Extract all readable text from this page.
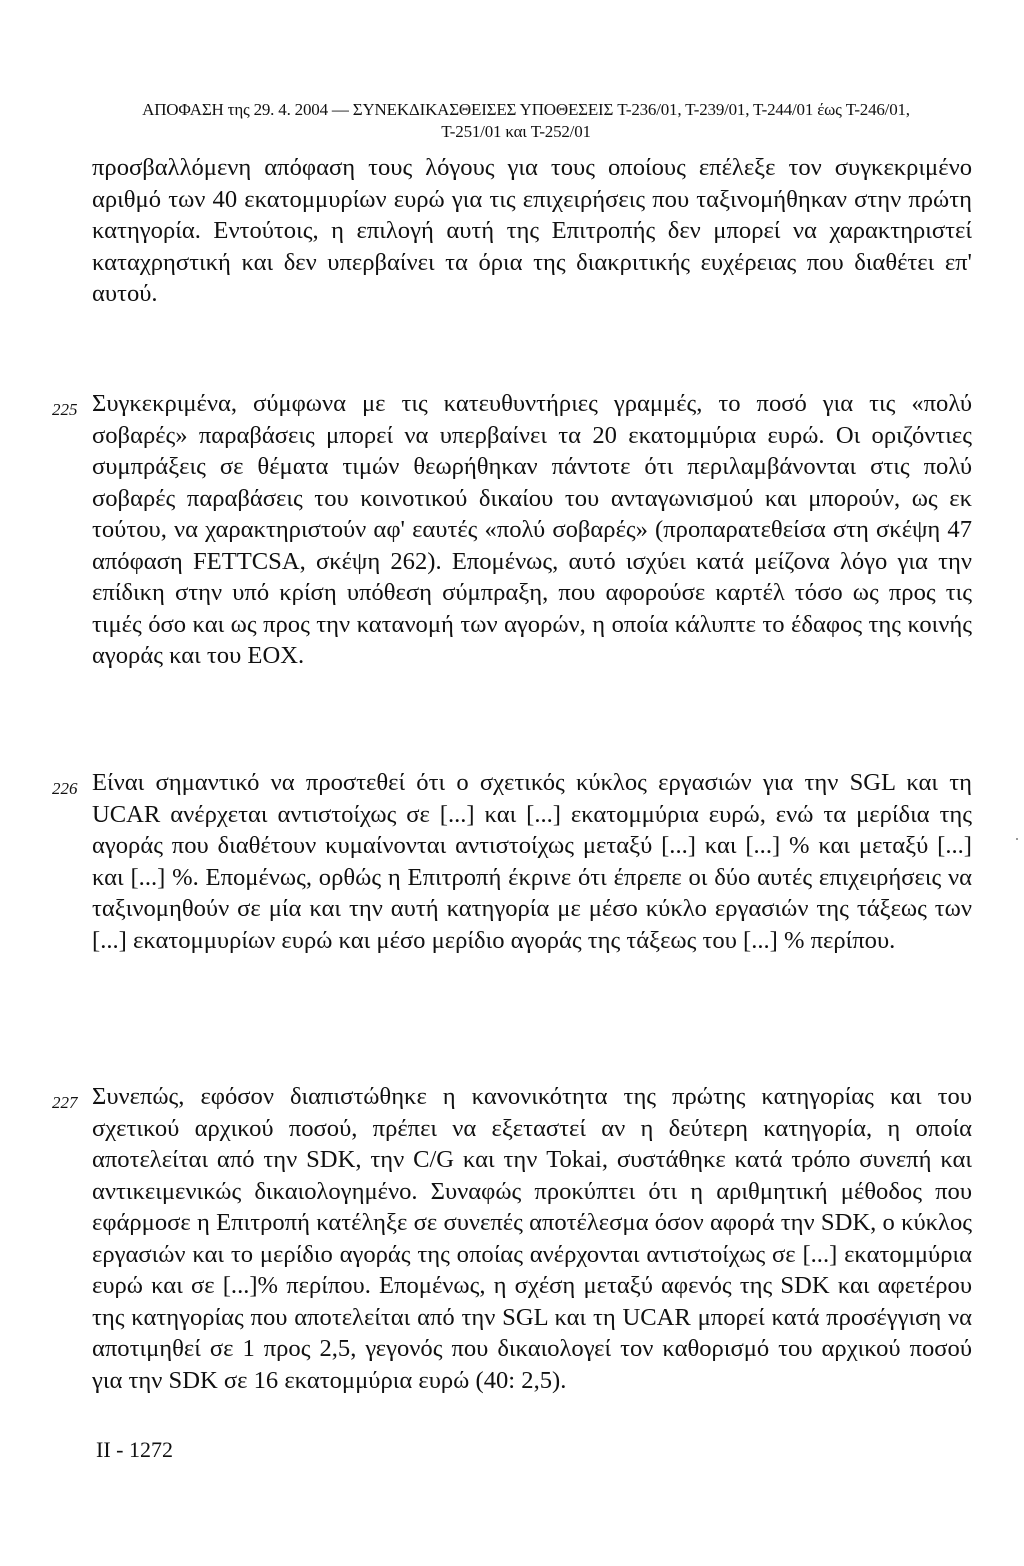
ΑΠΟΦΑΣΗ της 29. 4. 2004 — ΣΥΝΕΚΔΙΚΑΣΘΕΙΣΕΣ ΥΠΟΘΕΣΕΙΣ T-236/01, T-239/01, T-244/01 έως T-246/01,
T-251/01 και T-252/01
προσβαλλόμενη απόφαση τους λόγους για τους οποίους επέλεξε τον συγκεκριμένο αριθμό των 40 εκατομμυρίων ευρώ για τις επιχειρήσεις που ταξινομήθηκαν στην πρώτη κατηγορία. Εντούτοις, η επιλογή αυτή της Επιτροπής δεν μπορεί να χαρακτηριστεί καταχρηστική και δεν υπερβαίνει τα όρια της διακριτικής ευχέρειας που διαθέτει επ' αυτού.
225 Συγκεκριμένα, σύμφωνα με τις κατευθυντήριες γραμμές, το ποσό για τις «πολύ σοβαρές» παραβάσεις μπορεί να υπερβαίνει τα 20 εκατομμύρια ευρώ. Οι οριζόντιες συμπράξεις σε θέματα τιμών θεωρήθηκαν πάντοτε ότι περιλαμβάνονται στις πολύ σοβαρές παραβάσεις του κοινοτικού δικαίου του ανταγωνισμού και μπορούν, ως εκ τούτου, να χαρακτηριστούν αφ' εαυτές «πολύ σοβαρές» (προπαρατεθείσα στη σκέψη 47 απόφαση FETTCSA, σκέψη 262). Επομένως, αυτό ισχύει κατά μείζονα λόγο για την επίδικη στην υπό κρίση υπόθεση σύμπραξη, που αφορούσε καρτέλ τόσο ως προς τις τιμές όσο και ως προς την κατανομή των αγορών, η οποία κάλυπτε το έδαφος της κοινής αγοράς και του ΕΟΧ.
226 Είναι σημαντικό να προστεθεί ότι ο σχετικός κύκλος εργασιών για την SGL και τη UCAR ανέρχεται αντιστοίχως σε [...] και [...] εκατομμύρια ευρώ, ενώ τα μερίδια της αγοράς που διαθέτουν κυμαίνονται αντιστοίχως μεταξύ [...] και [...] % και μεταξύ [...] και [...] %. Επομένως, ορθώς η Επιτροπή έκρινε ότι έπρεπε οι δύο αυτές επιχειρήσεις να ταξινομηθούν σε μία και την αυτή κατηγορία με μέσο κύκλο εργασιών της τάξεως των [...] εκατομμυρίων ευρώ και μέσο μερίδιο αγοράς της τάξεως του [...] % περίπου.
227 Συνεπώς, εφόσον διαπιστώθηκε η κανονικότητα της πρώτης κατηγορίας και του σχετικού αρχικού ποσού, πρέπει να εξεταστεί αν η δεύτερη κατηγορία, η οποία αποτελείται από την SDK, την C/G και την Tokai, συστάθηκε κατά τρόπο συνεπή και αντικειμενικώς δικαιολογημένο. Συναφώς προκύπτει ότι η αριθμητική μέθοδος που εφάρμοσε η Επιτροπή κατέληξε σε συνεπές αποτέλεσμα όσον αφορά την SDK, ο κύκλος εργασιών και το μερίδιο αγοράς της οποίας ανέρχονται αντιστοίχως σε [...] εκατομμύρια ευρώ και σε [...]% περίπου. Επομένως, η σχέση μεταξύ αφενός της SDK και αφετέρου της κατηγορίας που αποτελείται από την SGL και τη UCAR μπορεί κατά προσέγγιση να αποτιμηθεί σε 1 προς 2,5, γεγονός που δικαιολογεί τον καθορισμό του αρχικού ποσού για την SDK σε 16 εκατομμύρια ευρώ (40: 2,5).
II - 1272
